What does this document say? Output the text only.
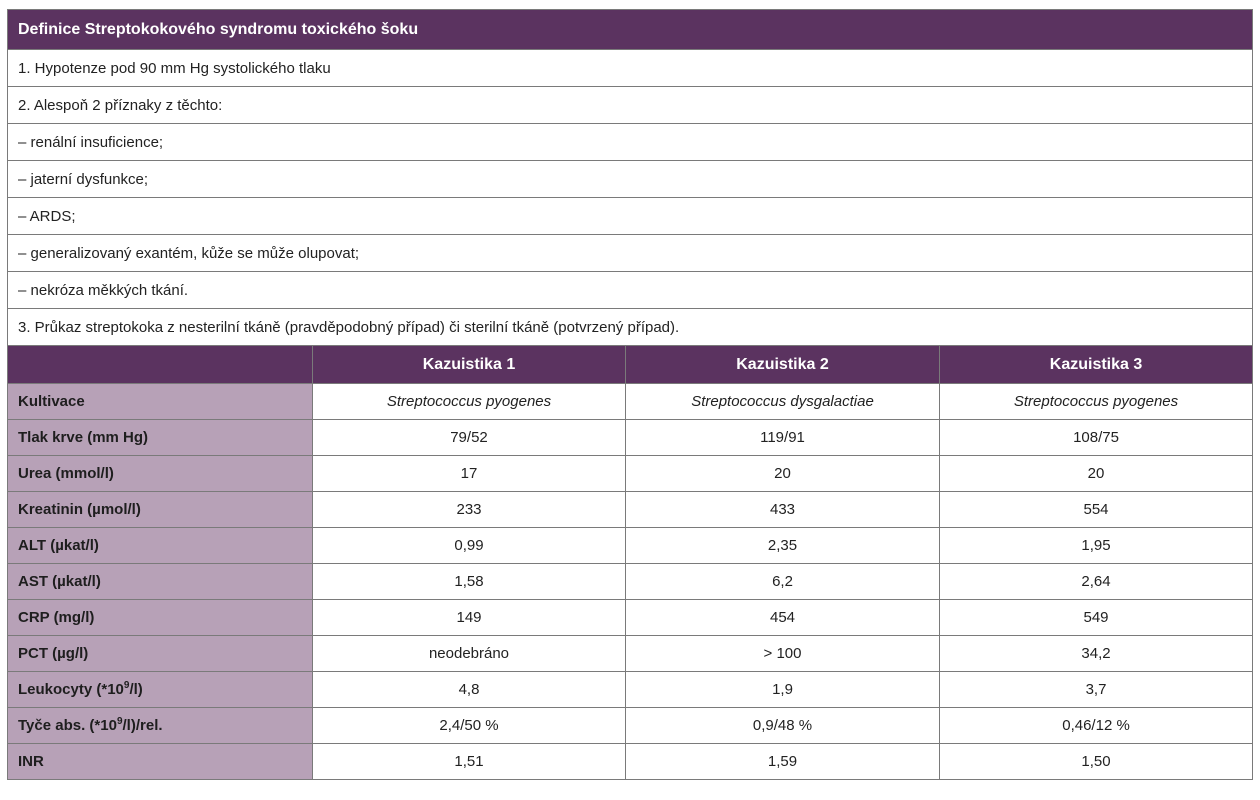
Definice Streptokokového syndromu toxického šoku			
1. Hypotenze pod 90 mm Hg systolického tlaku			
2. Alespoň 2 příznaky z těchto:			
– renální insuficience;			
– jaterní dysfunkce;			
– ARDS;			
– generalizovaný exantém, kůže se může olupovat;			
– nekróza měkkých tkání.			
3. Průkaz streptokoka z nesterilní tkáně (pravděpodobný případ) či sterilní tkáně (potvrzený případ).			
	Kazuistika 1	Kazuistika 2	Kazuistika 3
Kultivace	Streptococcus pyogenes	Streptococcus dysgalactiae	Streptococcus pyogenes
Tlak krve (mm Hg)	79/52	119/91	108/75
Urea (mmol/l)	17	20	20
Kreatinin (µmol/l)	233	433	554
ALT (µkat/l)	0,99	2,35	1,95
AST (µkat/l)	1,58	6,2	2,64
CRP (mg/l)	149	454	549
PCT (µg/l)	neodebráno	> 100	34,2
Leukocyty $(*10^9/l)$	4,8	1,9	3,7
Tyče abs. $(*10^9/l)$/rel.	2,4/50 %	0,9/48 %	0,46/12 %
INR	1,51	1,59	1,50
